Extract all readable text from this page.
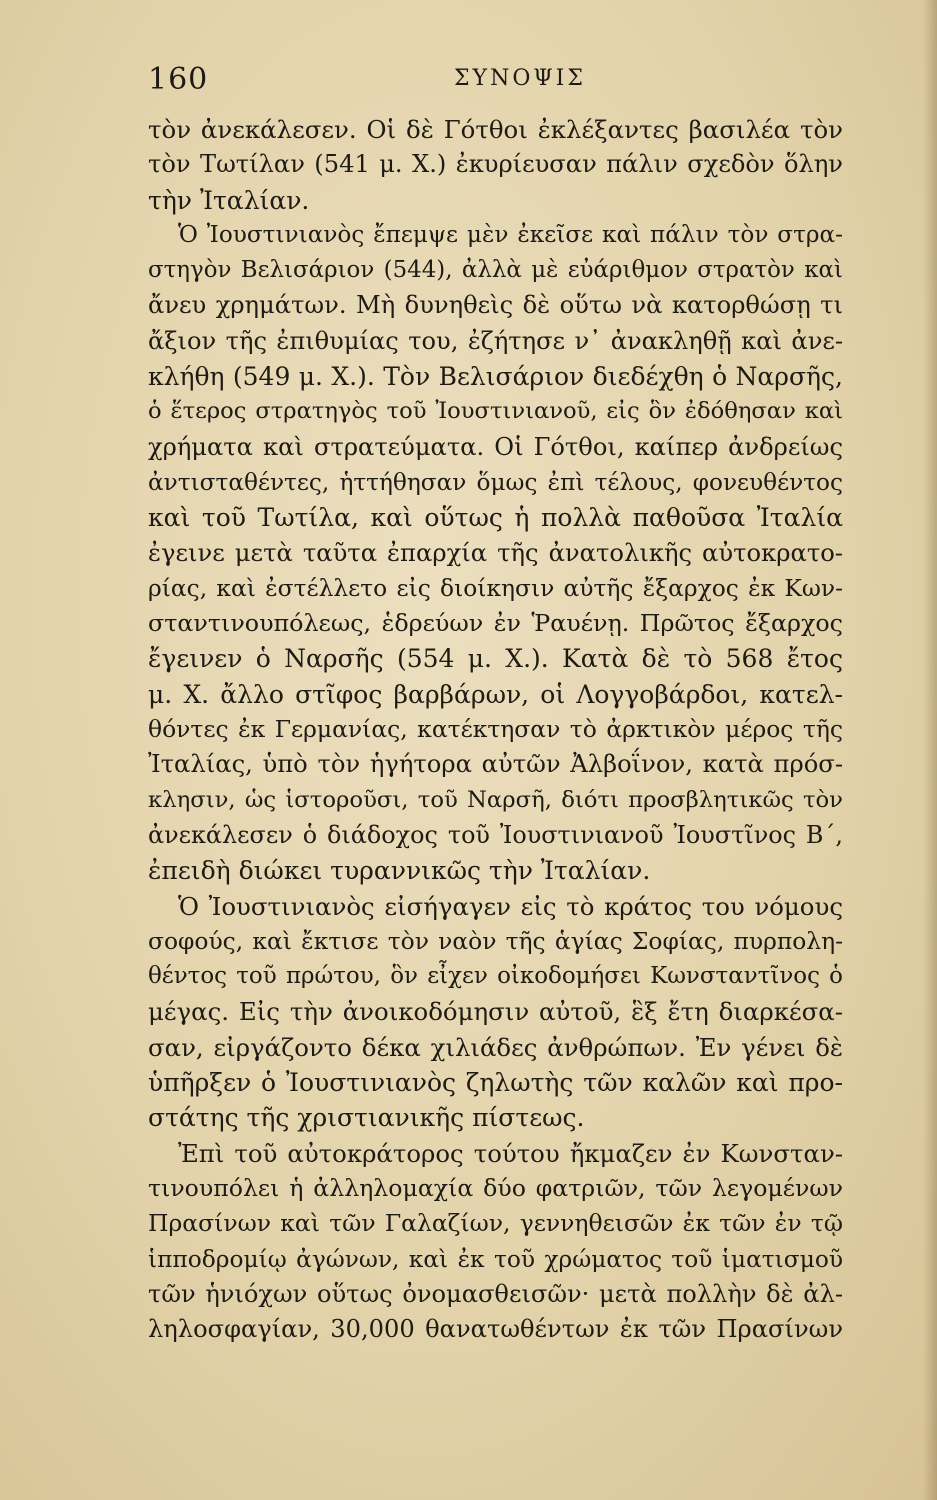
160	ΣΥΝΟΨΙΣ
τὸν ἀνεκάλεσεν. Οἱ δὲ Γότθοι ἐκλέξαντες βασιλέα τὸν
τὸν Τωτίλαν (541 μ. Χ.) ἐκυρίευσαν πάλιν σχεδὸν ὅλην
τὴν Ἰταλίαν.
Ὁ Ἰουστινιανὸς ἔπεμψε μὲν ἐκεῖσε καὶ πάλιν τὸν στρα-
στηγὸν Βελισάριον (544), ἀλλὰ μὲ εὐάριθμον στρατὸν καὶ
ἄνευ χρημάτων. Μὴ δυνηθεὶς δὲ οὕτω νὰ κατορθώσῃ τι
ἄξιον τῆς ἐπιθυμίας του, ἐζήτησε ν᾽ ἀνακληθῇ καὶ ἀνε-
κλήθη (549 μ. Χ.). Τὸν Βελισάριον διεδέχθη ὁ Ναρσῆς,
ὁ ἕτερος στρατηγὸς τοῦ Ἰουστινιανοῦ, εἰς ὃν ἐδόθησαν καὶ
χρήματα καὶ στρατεύματα. Οἱ Γότθοι, καίπερ ἀνδρείως
ἀντισταθέντες, ἡττήθησαν ὅμως ἐπὶ τέλους, φονευθέντος
καὶ τοῦ Τωτίλα, καὶ οὕτως ἡ πολλὰ παθοῦσα Ἰταλία
ἐγεινε μετὰ ταῦτα ἐπαρχία τῆς ἀνατολικῆς αὐτοκρατο-
ρίας, καὶ ἐστέλλετο εἰς διοίκησιν αὐτῆς ἔξαρχος ἐκ Κων-
σταντινουπόλεως, ἑδρεύων ἐν Ῥαυένῃ. Πρῶτος ἔξαρχος
ἔγεινεν ὁ Ναρσῆς (554 μ. Χ.). Κατὰ δὲ τὸ 568 ἔτος
μ. Χ. ἄλλο στῖφος βαρβάρων, οἱ Λογγοβάρδοι, κατελ-
θόντες ἐκ Γερμανίας, κατέκτησαν τὸ ἀρκτικὸν μέρος τῆς
Ἰταλίας, ὑπὸ τὸν ἡγήτορα αὐτῶν Ἀλβοΐνον, κατὰ πρόσ-
κλησιν, ὡς ἱστοροῦσι, τοῦ Ναρσῆ, διότι προσβλητικῶς τὸν
ἀνεκάλεσεν ὁ διάδοχος τοῦ Ἰουστινιανοῦ Ἰουστῖνος Β΄,
ἐπειδὴ διώκει τυραννικῶς τὴν Ἰταλίαν.
Ὁ Ἰουστινιανὸς εἰσήγαγεν εἰς τὸ κράτος του νόμους
σοφούς, καὶ ἔκτισε τὸν ναὸν τῆς ἁγίας Σοφίας, πυρπολη-
θέντος τοῦ πρώτου, ὃν εἶχεν οἰκοδομήσει Κωνσταντῖνος ὁ
μέγας. Εἰς τὴν ἀνοικοδόμησιν αὐτοῦ, ἓξ ἔτη διαρκέσα-
σαν, εἰργάζοντο δέκα χιλιάδες ἀνθρώπων. Ἐν γένει δὲ
ὑπῆρξεν ὁ Ἰουστινιανὸς ζηλωτὴς τῶν καλῶν καὶ προ-
στάτης τῆς χριστιανικῆς πίστεως.
Ἐπὶ τοῦ αὐτοκράτορος τούτου ἤκμαζεν ἐν Κωνσταν-
τινουπόλει ἡ ἀλληλομαχία δύο φατριῶν, τῶν λεγομένων
Πρασίνων καὶ τῶν Γαλαζίων, γεννηθεισῶν ἐκ τῶν ἐν τῷ
ἱπποδρομίῳ ἀγώνων, καὶ ἐκ τοῦ χρώματος τοῦ ἱματισμοῦ
τῶν ἡνιόχων οὕτως ὀνομασθεισῶν· μετὰ πολλὴν δὲ ἀλ-
ληλοσφαγίαν, 30,000 θανατωθέντων ἐκ τῶν Πρασίνων
